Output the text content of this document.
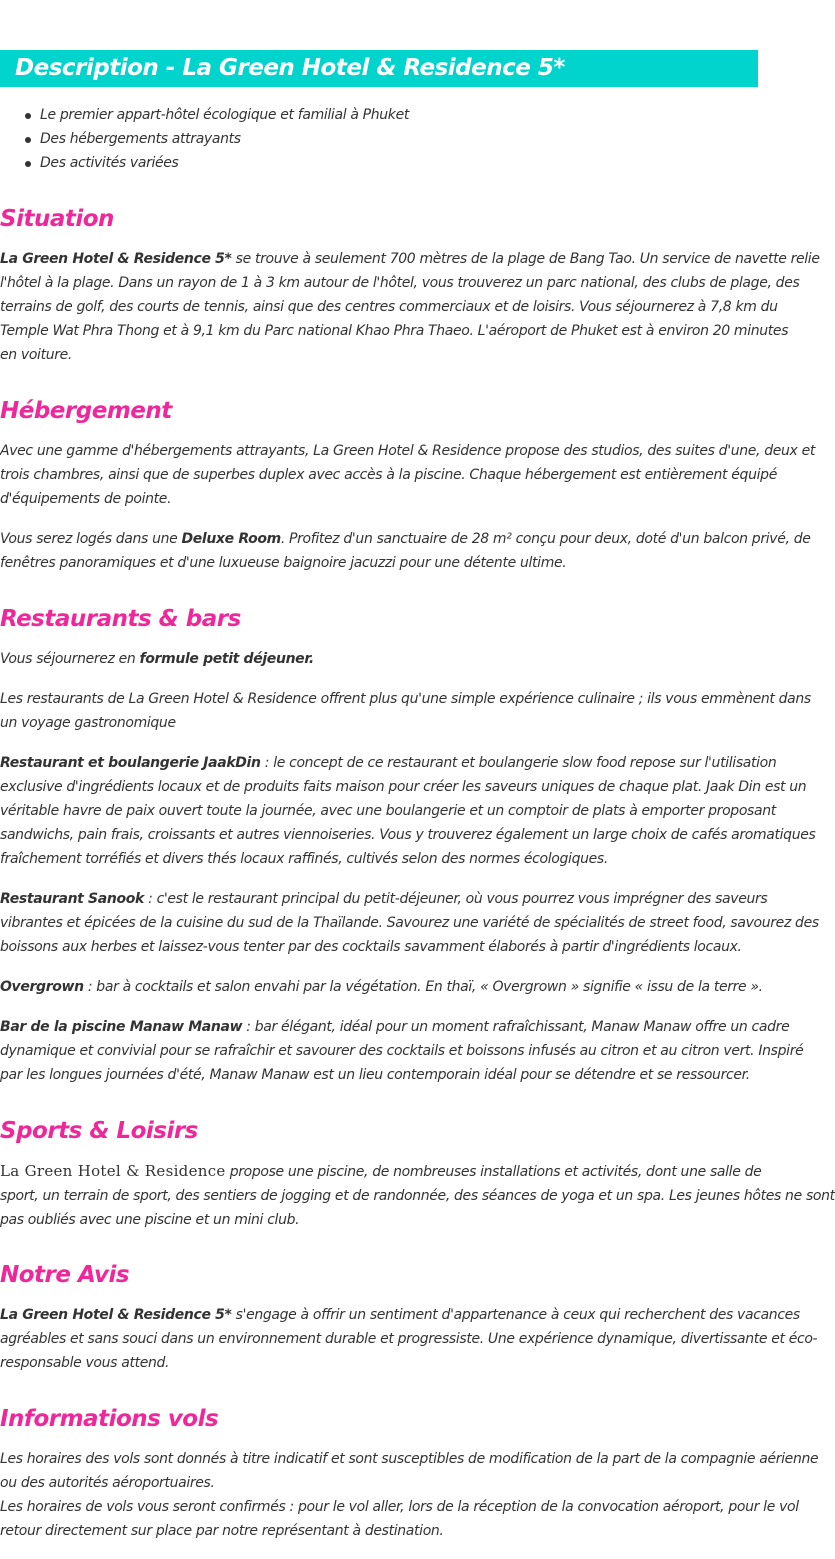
Description - La Green Hotel & Residence 5*
Le premier appart-hôtel écologique et familial à Phuket
Des hébergements attrayants
Des activités variées
Situation

La Green Hotel & Residence 5* se trouve à seulement 700 mètres de la plage de Bang Tao. Un service de navette relie
l'hôtel à la plage. Dans un rayon de 1 à 3 km autour de l'hôtel, vous trouverez un parc national, des clubs de plage, des
terrains de golf, des courts de tennis, ainsi que des centres commerciaux et de loisirs. Vous séjournerez à 7,8 km du
Temple Wat Phra Thong et à 9,1 km du Parc national Khao Phra Thaeo. L'aéroport de Phuket est à environ 20 minutes
en voiture.

Hébergement

Avec une gamme d'hébergements attrayants, La Green Hotel & Residence propose des studios, des suites d'une, deux et
trois chambres, ainsi que de superbes duplex avec accès à la piscine. Chaque hébergement est entièrement équipé
d'équipements de pointe.

Vous serez logés dans une Deluxe Room. Profitez d'un sanctuaire de 28 m² conçu pour deux, doté d'un balcon privé, de
fenêtres panoramiques et d'une luxueuse baignoire jacuzzi pour une détente ultime.

Restaurants & bars

Vous séjournerez en formule petit déjeuner.

Les restaurants de La Green Hotel & Residence offrent plus qu'une simple expérience culinaire ; ils vous emmènent dans
un voyage gastronomique

Restaurant et boulangerie JaakDin : le concept de ce restaurant et boulangerie slow food repose sur l'utilisation
exclusive d'ingrédients locaux et de produits faits maison pour créer les saveurs uniques de chaque plat. Jaak Din est un
véritable havre de paix ouvert toute la journée, avec une boulangerie et un comptoir de plats à emporter proposant
sandwichs, pain frais, croissants et autres viennoiseries. Vous y trouverez également un large choix de cafés aromatiques
fraîchement torréfiés et divers thés locaux raffinés, cultivés selon des normes écologiques.

Restaurant Sanook : c'est le restaurant principal du petit-déjeuner, où vous pourrez vous imprégner des saveurs
vibrantes et épicées de la cuisine du sud de la Thaïlande. Savourez une variété de spécialités de street food, savourez des
boissons aux herbes et laissez-vous tenter par des cocktails savamment élaborés à partir d'ingrédients locaux.

Overgrown : bar à cocktails et salon envahi par la végétation. En thaï, « Overgrown » signifie « issu de la terre ».

Bar de la piscine Manaw Manaw : bar élégant, idéal pour un moment rafraîchissant, Manaw Manaw offre un cadre
dynamique et convivial pour se rafraîchir et savourer des cocktails et boissons infusés au citron et au citron vert. Inspiré
par les longues journées d'été, Manaw Manaw est un lieu contemporain idéal pour se détendre et se ressourcer.

Sports & Loisirs

La Green Hotel & Residence propose une piscine, de nombreuses installations et activités, dont une salle de
sport, un terrain de sport, des sentiers de jogging et de randonnée, des séances de yoga et un spa. Les jeunes hôtes ne sont
pas oubliés avec une piscine et un mini club.

Notre Avis

La Green Hotel & Residence 5* s'engage à offrir un sentiment d'appartenance à ceux qui recherchent des vacances
agréables et sans souci dans un environnement durable et progressiste. Une expérience dynamique, divertissante et éco-
responsable vous attend.

Informations vols

Les horaires des vols sont donnés à titre indicatif et sont susceptibles de modification de la part de la compagnie aérienne
ou des autorités aéroportuaires.
Les horaires de vols vous seront confirmés : pour le vol aller, lors de la réception de la convocation aéroport, pour le vol
retour directement sur place par notre représentant à destination.
